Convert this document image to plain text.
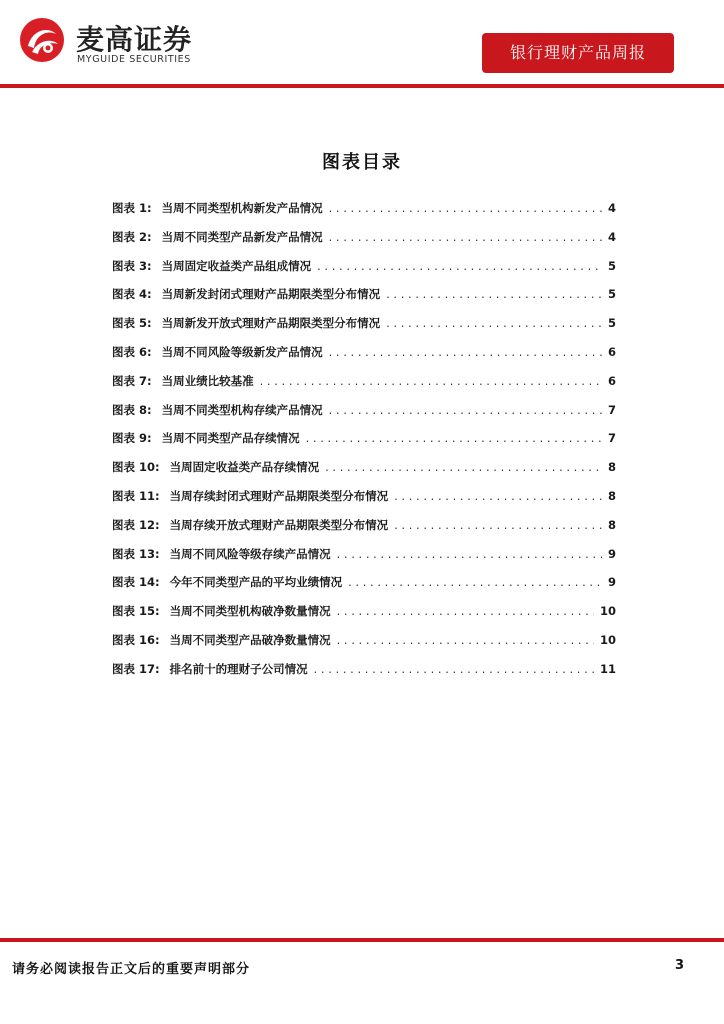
麦高证券
MYGUIDE SECURITIES	银行理财产品周报
图表目录
图表 1: 当周不同类型机构新发产品情况 . . .	4
图表 2: 当周不同类型产品新发产品情况 . . .	4
图表 3: 当周固定收益类产品组成情况 . . .	5
图表 4: 当周新发封闭式理财产品期限类型分布情况 . . .	5
图表 5: 当周新发开放式理财产品期限类型分布情况 . . .	5
图表 6: 当周不同风险等级新发产品情况 . . .	6
图表 7: 当周业绩比较基准 . . .	6
图表 8: 当周不同类型机构存续产品情况 . . .	7
图表 9: 当周不同类型产品存续情况 . . .	7
图表 10: 当周固定收益类产品存续情况 . . .	8
图表 11: 当周存续封闭式理财产品期限类型分布情况 . . .	8
图表 12: 当周存续开放式理财产品期限类型分布情况 . . .	8
图表 13: 当周不同风险等级存续产品情况 . . .	9
图表 14: 今年不同类型产品的平均业绩情况 . . .	9
图表 15: 当周不同类型机构破净数量情况 . . .	10
图表 16: 当周不同类型产品破净数量情况 . . .	10
图表 17: 排名前十的理财子公司情况 . . .	11
请务必阅读报告正文后的重要声明部分	3
